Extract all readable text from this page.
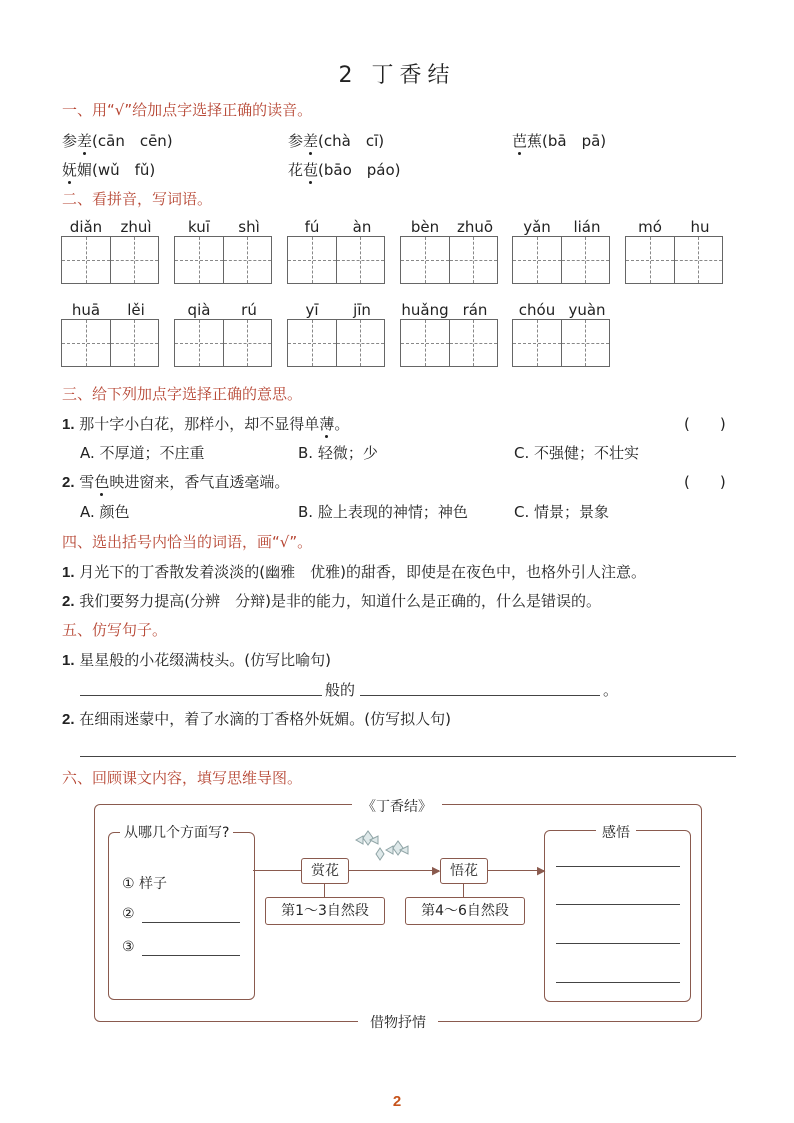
2 丁香结
一、用“√”给加点字选择正确的读音。
参差(cān　cēn)	参差(chà　cī)	芭蕉(bā　pā)
妩媚(wǔ　fǔ)	花苞(bāo　páo)
二、看拼音，写词语。
diǎn	zhuì	kuī	shì	fú	àn	bèn	zhuō	yǎn	lián	mó	hu
huā	lěi	qià	rú	yī	jīn	huǎng rán	chóu yuàn
三、给下列加点字选择正确的意思。
1. 那十字小白花，那样小，却不显得单薄。	(　　)
A. 不厚道；不庄重	B. 轻微；少	C. 不强健；不壮实
2. 雪色映进窗来，香气直透毫端。	(　　)
A. 颜色	B. 脸上表现的神情；神色	C. 情景；景象
四、选出括号内恰当的词语，画“√”。
1. 月光下的丁香散发着淡淡的(幽雅　优雅)的甜香，即使是在夜色中，也格外引人注意。
2. 我们要努力提高(分辨　分辩)是非的能力，知道什么是正确的，什么是错误的。
五、仿写句子。
1. 星星般的小花缀满枝头。(仿写比喻句)
般的	。
2. 在细雨迷蒙中，着了水滴的丁香格外妩媚。(仿写拟人句)
六、回顾课文内容，填写思维导图。
《丁香结》
借物抒情
从哪几个方面写?
① 样子
②
③
▶	▶
赏花
第1～3自然段
悟花
第4～6自然段
感悟
2
